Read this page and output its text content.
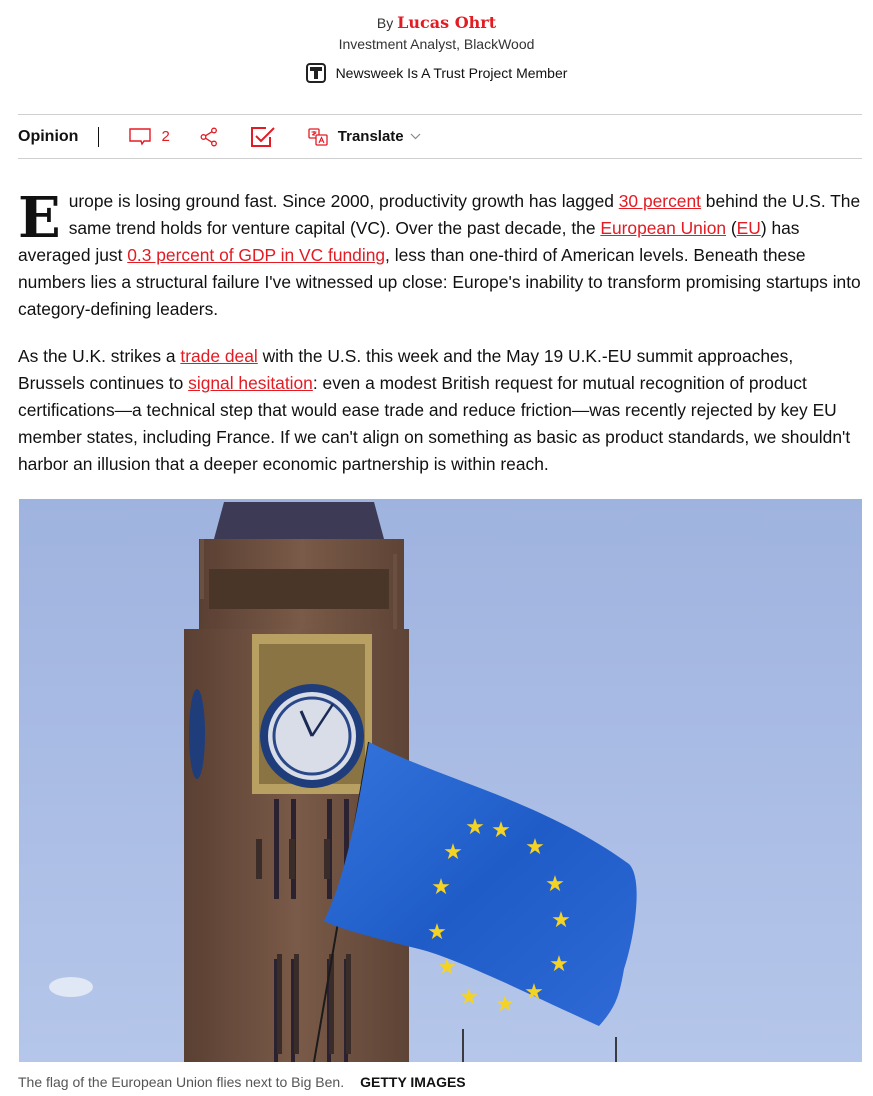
By Lucas Ohrt
Investment Analyst, BlackWood
Newsweek Is A Trust Project Member
Opinion	2	Translate

Europe is losing ground fast. Since 2000, productivity growth has lagged 30 percent behind the U.S. The same trend holds for venture capital (VC). Over the past decade, the European Union (EU) has averaged just 0.3 percent of GDP in VC funding, less than one-third of American levels. Beneath these numbers lies a structural failure I've witnessed up close: Europe's inability to transform promising startups into category-defining leaders.

As the U.K. strikes a trade deal with the U.S. this week and the May 19 U.K.-EU summit approaches, Brussels continues to signal hesitation: even a modest British request for mutual recognition of product certifications—a technical step that would ease trade and reduce friction—was recently rejected by key EU member states, including France. If we can't align on something as basic as product standards, we shouldn't harbor an illusion that a deeper economic partnership is within reach.

★ ★
★
★
★	★
★	★
★	★
★ ★
★
The flag of the European Union flies next to Big Ben. GETTY IMAGES
